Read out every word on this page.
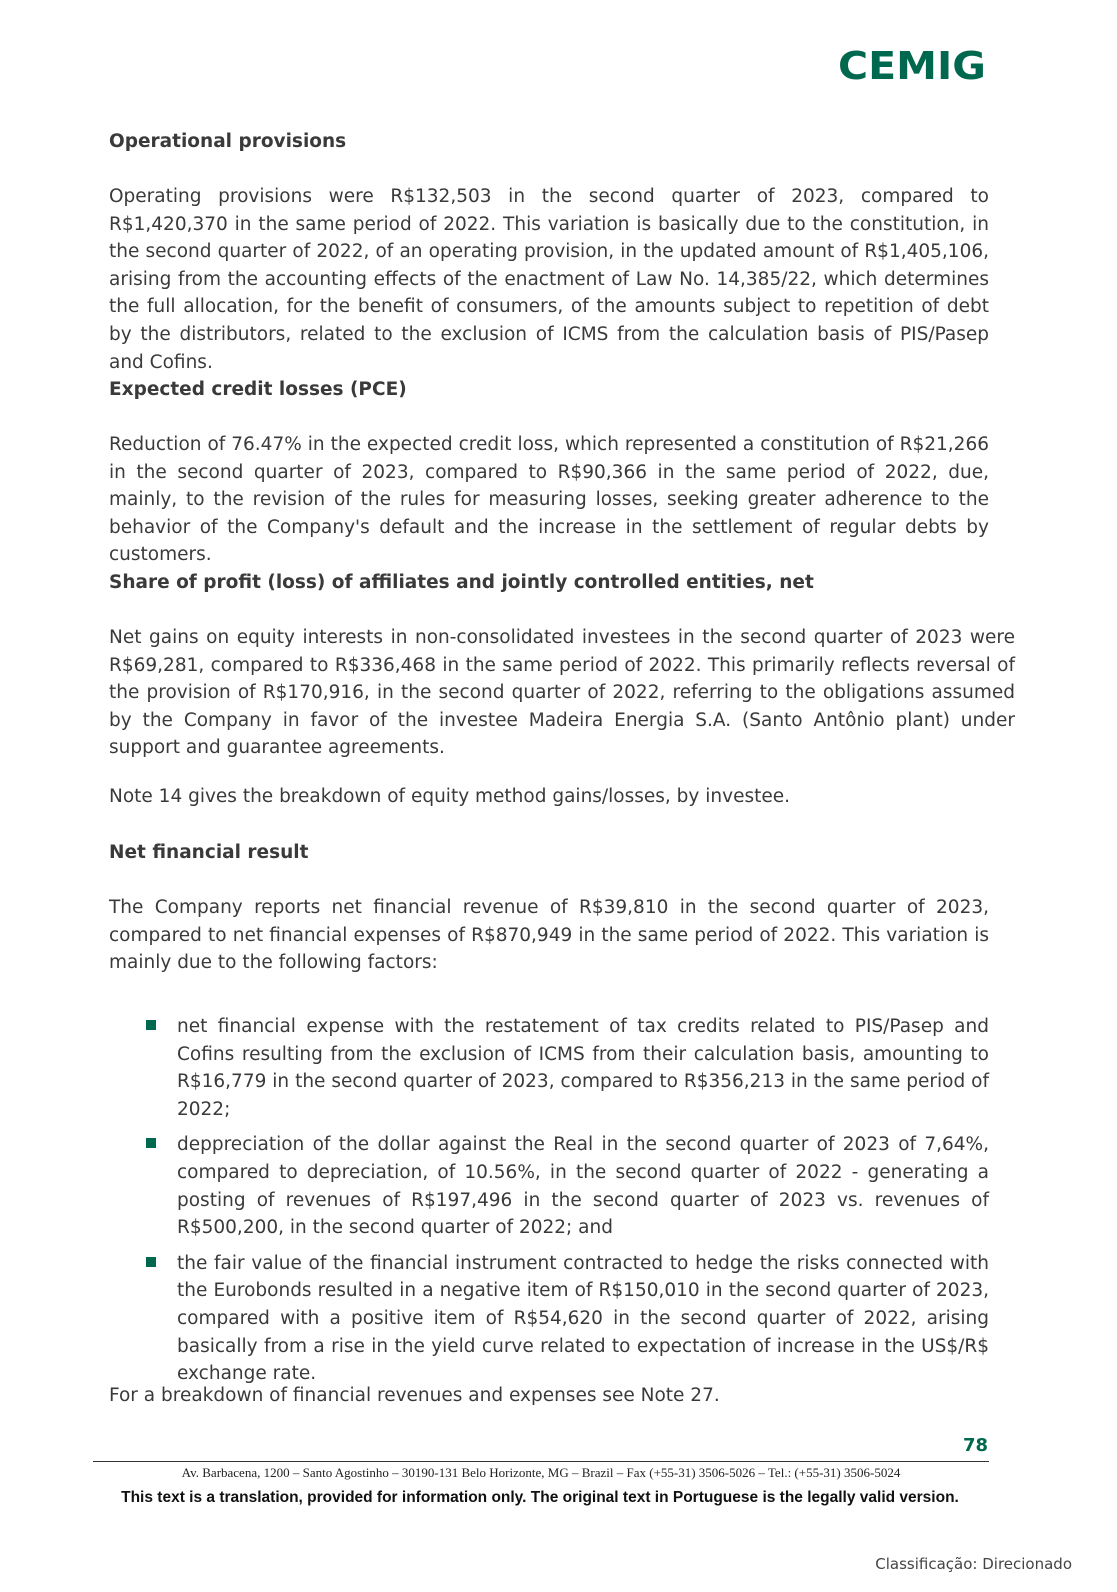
CEMIG
Operational provisions

Operating provisions were R$132,503 in the second quarter of 2023, compared to R$1,420,370 in the same period of 2022. This variation is basically due to the constitution, in the second quarter of 2022, of an operating provision, in the updated amount of R$1,405,106, arising from the accounting effects of the enactment of Law No. 14,385/22, which determines the full allocation, for the benefit of consumers, of the amounts subject to repetition of debt by the distributors, related to the exclusion of ICMS from the calculation basis of PIS/Pasep and Cofins.

Expected credit losses (PCE)

Reduction of 76.47% in the expected credit loss, which represented a constitution of R$21,266 in the second quarter of 2023, compared to R$90,366 in the same period of 2022, due, mainly, to the revision of the rules for measuring losses, seeking greater adherence to the behavior of the Company's default and the increase in the settlement of regular debts by customers.

Share of profit (loss) of affiliates and jointly controlled entities, net

Net gains on equity interests in non-consolidated investees in the second quarter of 2023 were R$69,281, compared to R$336,468 in the same period of 2022. This primarily reflects reversal of the provision of R$170,916, in the second quarter of 2022, referring to the obligations assumed by the Company in favor of the investee Madeira Energia S.A. (Santo Antônio plant) under support and guarantee agreements.

Note 14 gives the breakdown of equity method gains/losses, by investee.

Net financial result

The Company reports net financial revenue of R$39,810 in the second quarter of 2023, compared to net financial expenses of R$870,949 in the same period of 2022. This variation is mainly due to the following factors:

net financial expense with the restatement of tax credits related to PIS/Pasep and Cofins resulting from the exclusion of ICMS from their calculation basis, amounting to R$16,779 in the second quarter of 2023, compared to R$356,213 in the same period of 2022;

deppreciation of the dollar against the Real in the second quarter of 2023 of 7,64%, compared to depreciation, of 10.56%, in the second quarter of 2022 - generating a posting of revenues of R$197,496 in the second quarter of 2023 vs. revenues of R$500,200, in the second quarter of 2022; and

the fair value of the financial instrument contracted to hedge the risks connected with the Eurobonds resulted in a negative item of R$150,010 in the second quarter of 2023, compared with a positive item of R$54,620 in the second quarter of 2022, arising basically from a rise in the yield curve related to expectation of increase in the US$/R$ exchange rate.

For a breakdown of financial revenues and expenses see Note 27.

78
Av. Barbacena, 1200 – Santo Agostinho – 30190-131 Belo Horizonte, MG – Brazil – Fax (+55-31) 3506-5026 – Tel.: (+55-31) 3506-5024
This text is a translation, provided for information only. The original text in Portuguese is the legally valid version.
Classificação: Direcionado
